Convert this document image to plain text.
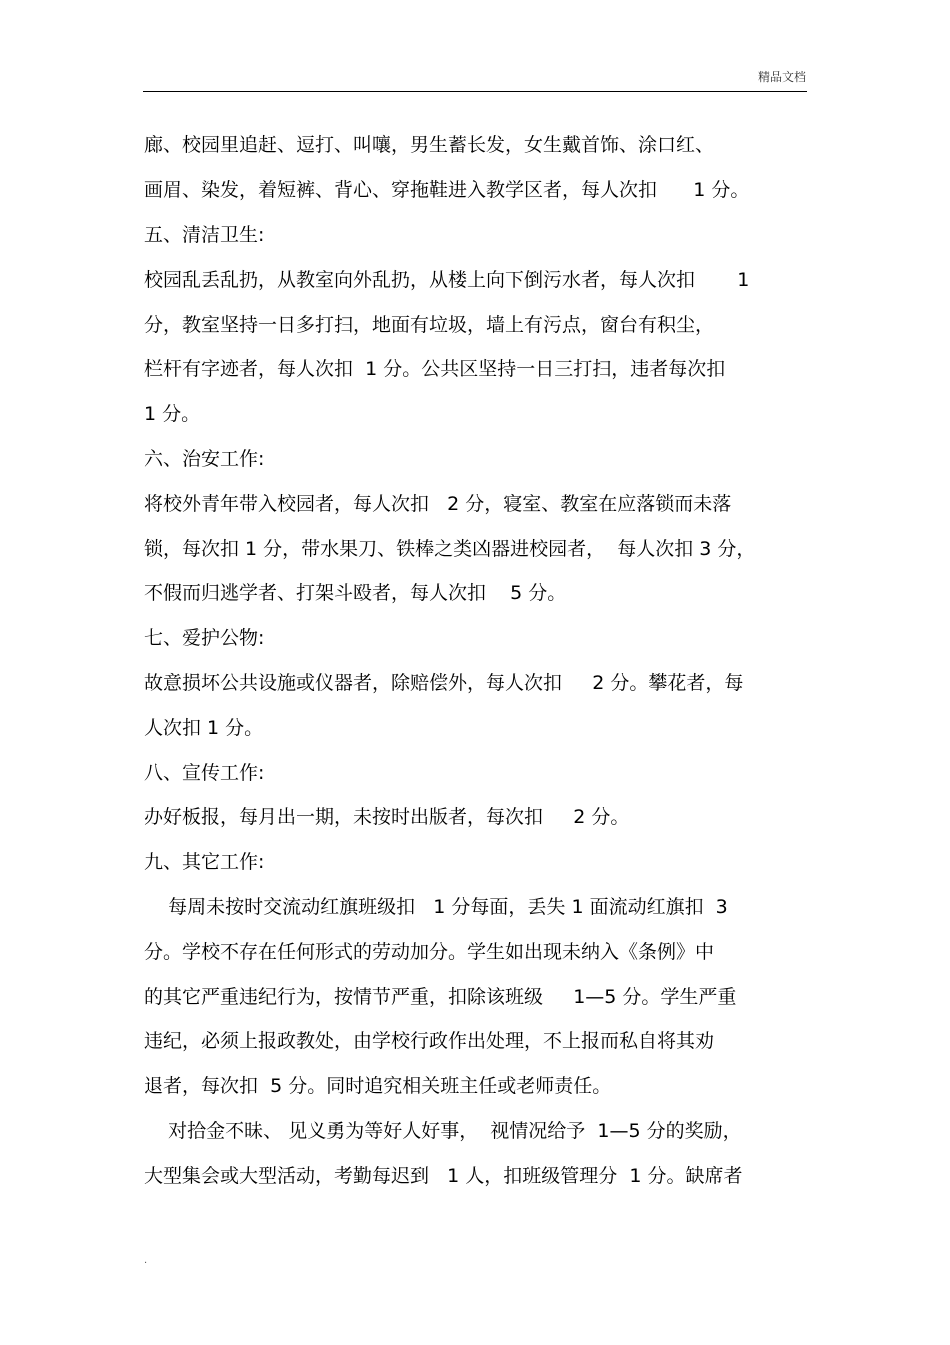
精品文档
廊、校园里追赶、逗打、叫嚷，男生蓄长发，女生戴首饰、涂口红、
画眉、染发，着短裤、背心、穿拖鞋进入教学区者，每人次扣      1 分。
五、清洁卫生:
校园乱丢乱扔，从教室向外乱扔，从楼上向下倒污水者，每人次扣       1
分，教室坚持一日多打扫，地面有垃圾，墙上有污点，窗台有积尘，
栏杆有字迹者，每人次扣  1 分。公共区坚持一日三打扫，违者每次扣
1 分。
六、治安工作:
将校外青年带入校园者，每人次扣   2 分，寝室、教室在应落锁而未落
锁，每次扣 1 分，带水果刀、铁棒之类凶器进校园者，  每人次扣 3 分，
不假而归逃学者、打架斗殴者，每人次扣    5 分。
七、爱护公物:
故意损坏公共设施或仪器者，除赔偿外，每人次扣     2 分。攀花者，每
人次扣 1 分。
八、宣传工作:
办好板报，每月出一期，未按时出版者，每次扣     2 分。
九、其它工作:
每周未按时交流动红旗班级扣   1 分每面，丢失 1 面流动红旗扣  3
分。学校不存在任何形式的劳动加分。学生如出现未纳入《条例》中
的其它严重违纪行为，按情节严重，扣除该班级     1—5 分。学生严重
违纪，必须上报政教处，由学校行政作出处理，不上报而私自将其劝
退者，每次扣  5 分。同时追究相关班主任或老师责任。
对拾金不昧、 见义勇为等好人好事，  视情况给予  1—5 分的奖励，
大型集会或大型活动，考勤每迟到   1 人，扣班级管理分  1 分。缺席者
.
